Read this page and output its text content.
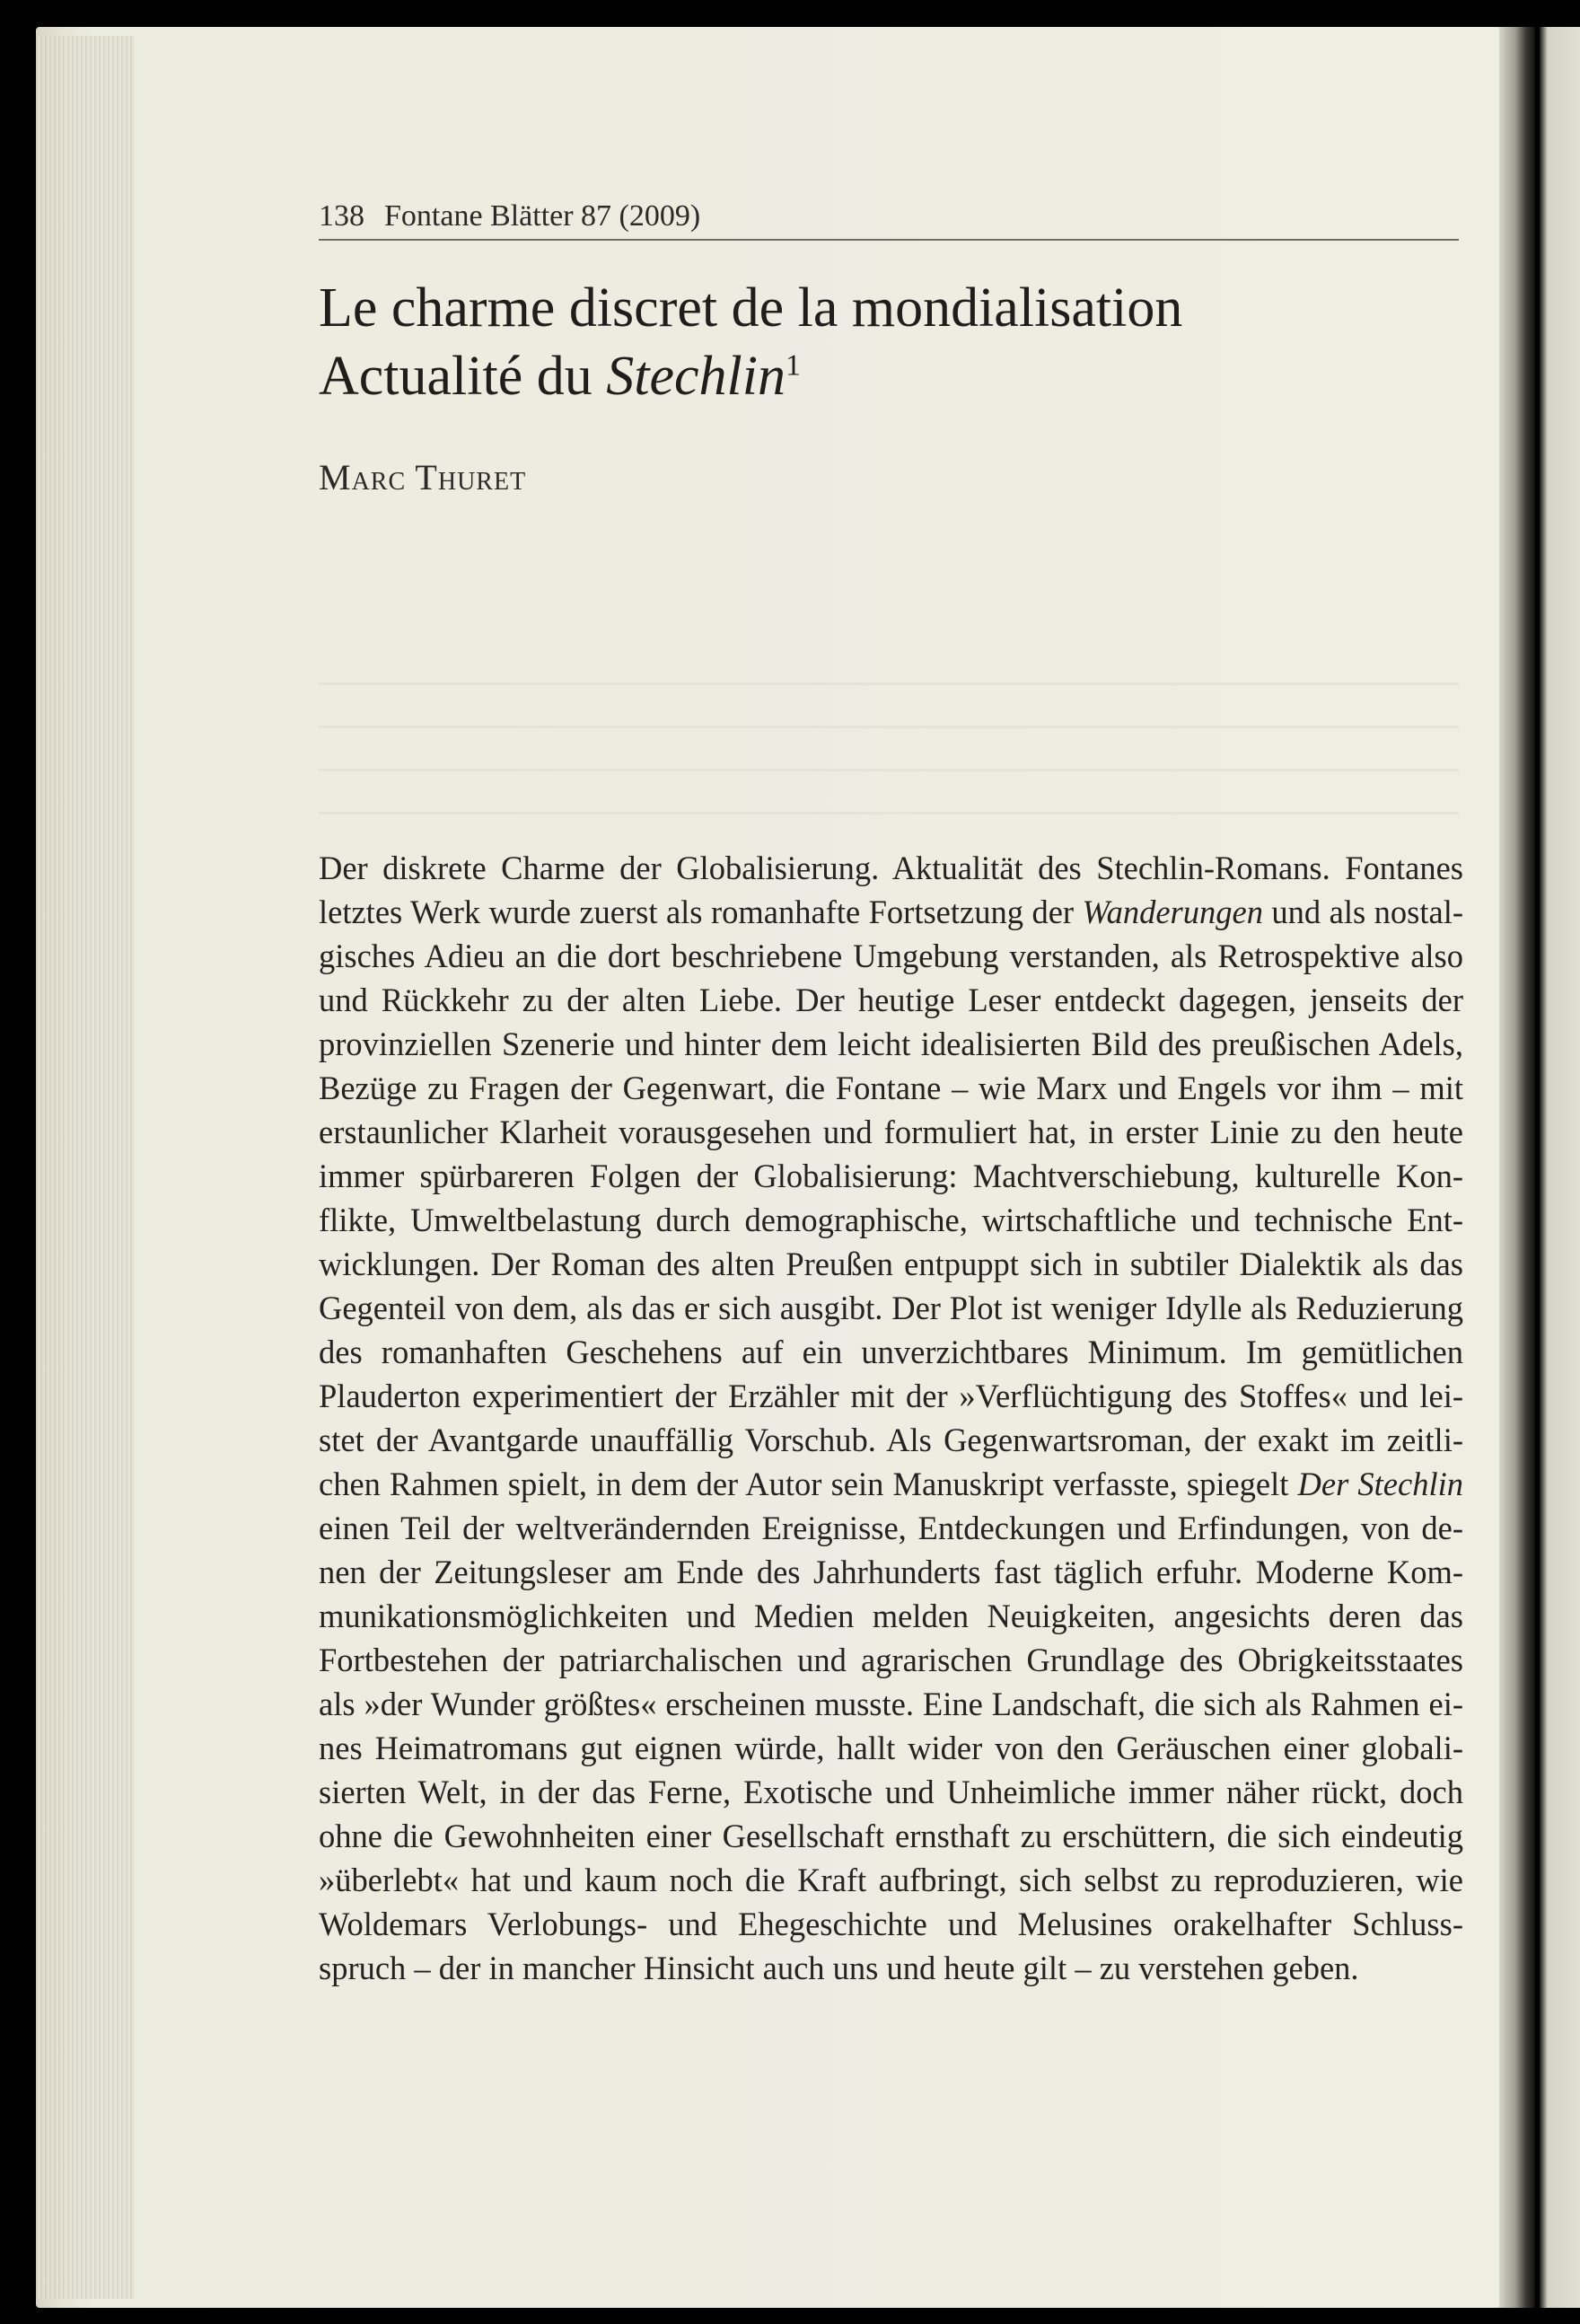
138 Fontane Blätter 87 (2009)
Le charme discret de la mondialisation
Actualité du Stechlin$^1$
Marc Thuret

Der diskrete Charme der Globalisierung. Aktualität des Stechlin-Romans. Fontanes
letztes Werk wurde zuerst als romanhafte Fortsetzung der Wanderungen und als nostal-
gisches Adieu an die dort beschriebene Umgebung verstanden, als Retrospektive also
und Rückkehr zu der alten Liebe. Der heutige Leser entdeckt dagegen, jenseits der
provinziellen Szenerie und hinter dem leicht idealisierten Bild des preußischen Adels,
Bezüge zu Fragen der Gegenwart, die Fontane – wie Marx und Engels vor ihm – mit
erstaunlicher Klarheit vorausgesehen und formuliert hat, in erster Linie zu den heute
immer spürbareren Folgen der Globalisierung: Machtverschiebung, kulturelle Kon-
flikte, Umweltbelastung durch demographische, wirtschaftliche und technische Ent-
wicklungen. Der Roman des alten Preußen entpuppt sich in subtiler Dialektik als das
Gegenteil von dem, als das er sich ausgibt. Der Plot ist weniger Idylle als Reduzierung
des romanhaften Geschehens auf ein unverzichtbares Minimum. Im gemütlichen
Plauderton experimentiert der Erzähler mit der »Verflüchtigung des Stoffes« und lei-
stet der Avantgarde unauffällig Vorschub. Als Gegenwartsroman, der exakt im zeitli-
chen Rahmen spielt, in dem der Autor sein Manuskript verfasste, spiegelt Der Stechlin
einen Teil der weltverändernden Ereignisse, Entdeckungen und Erfindungen, von de-
nen der Zeitungsleser am Ende des Jahrhunderts fast täglich erfuhr. Moderne Kom-
munikationsmöglichkeiten und Medien melden Neuigkeiten, angesichts deren das
Fortbestehen der patriarchalischen und agrarischen Grundlage des Obrigkeitsstaates
als »der Wunder größtes« erscheinen musste. Eine Landschaft, die sich als Rahmen ei-
nes Heimatromans gut eignen würde, hallt wider von den Geräuschen einer globali-
sierten Welt, in der das Ferne, Exotische und Unheimliche immer näher rückt, doch
ohne die Gewohnheiten einer Gesellschaft ernsthaft zu erschüttern, die sich eindeutig
»überlebt« hat und kaum noch die Kraft aufbringt, sich selbst zu reproduzieren, wie
Woldemars Verlobungs- und Ehegeschichte und Melusines orakelhafter Schluss-
spruch – der in mancher Hinsicht auch uns und heute gilt – zu verstehen geben.
